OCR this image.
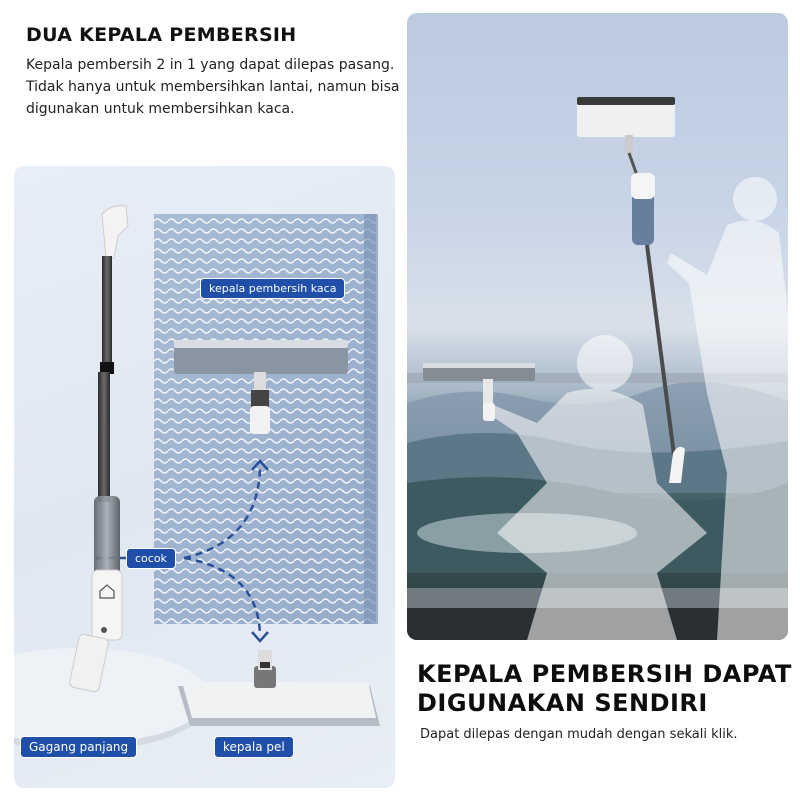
DUA KEPALA PEMBERSIH
Kepala pembersih 2 in 1 yang dapat dilepas pasang.
Tidak hanya untuk membersihkan lantai, namun bisa
digunakan untuk membersihkan kaca.
kepala pembersih kaca
cocok
Gagang panjang	kepala pel
KEPALA PEMBERSIH DAPAT
DIGUNAKAN SENDIRI
Dapat dilepas dengan mudah dengan sekali klik.
